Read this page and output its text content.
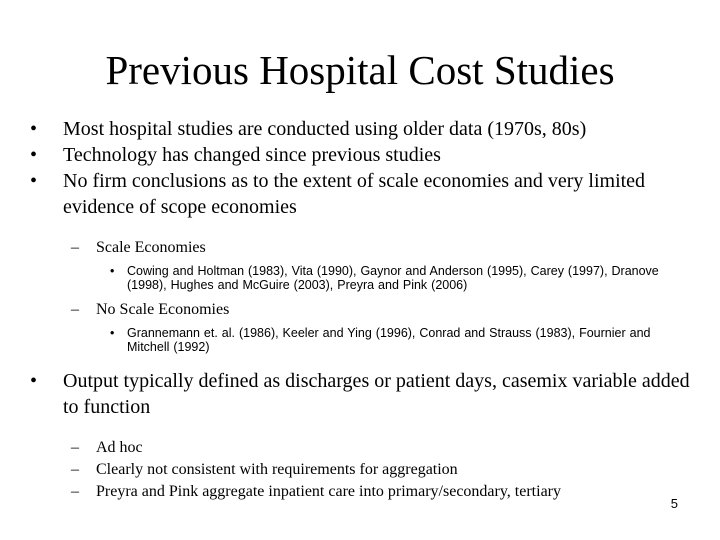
Previous Hospital Cost Studies
• Most hospital studies are conducted using older data (1970s, 80s)
• Technology has changed since previous studies
• No firm conclusions as to the extent of scale economies and very limited evidence of scope economies
– Scale Economies
• Cowing and Holtman (1983), Vita (1990), Gaynor and Anderson (1995), Carey (1997), Dranove (1998), Hughes and McGuire (2003), Preyra and Pink (2006)
– No Scale Economies
• Grannemann et. al. (1986), Keeler and Ying (1996), Conrad and Strauss (1983), Fournier and Mitchell (1992)
• Output typically defined as discharges or patient days, casemix variable added to function
– Ad hoc
– Clearly not consistent with requirements for aggregation
– Preyra and Pink aggregate inpatient care into primary/secondary, tertiary
5
